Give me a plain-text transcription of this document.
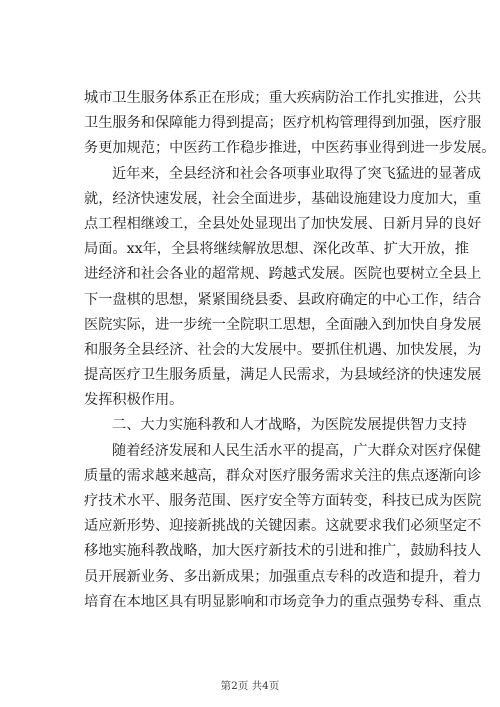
城市卫生服务体系正在形成；重大疾病防治工作扎实推进，公共
卫生服务和保障能力得到提高；医疗机构管理得到加强，医疗服
务更加规范；中医药工作稳步推进，中医药事业得到进一步发展。
近年来，全县经济和社会各项事业取得了突飞猛进的显著成
就，经济快速发展，社会全面进步，基础设施建设力度加大，重
点工程相继竣工，全县处处显现出了加快发展、日新月异的良好
局面。xx年，全县将继续解放思想、深化改革、扩大开放，推
进经济和社会各业的超常规、跨越式发展。医院也要树立全县上
下一盘棋的思想，紧紧围绕县委、县政府确定的中心工作，结合
医院实际，进一步统一全院职工思想，全面融入到加快自身发展
和服务全县经济、社会的大发展中。要抓住机遇、加快发展，为
提高医疗卫生服务质量，满足人民需求，为县域经济的快速发展
发挥积极作用。
二、大力实施科教和人才战略，为医院发展提供智力支持
随着经济发展和人民生活水平的提高，广大群众对医疗保健
质量的需求越来越高，群众对医疗服务需求关注的焦点逐渐向诊
疗技术水平、服务范围、医疗安全等方面转变，科技已成为医院
适应新形势、迎接新挑战的关键因素。这就要求我们必须坚定不
移地实施科教战略，加大医疗新技术的引进和推广，鼓励科技人
员开展新业务、多出新成果；加强重点专科的改造和提升，着力
培育在本地区具有明显影响和市场竞争力的重点强势专科、重点
第2页 共4页
